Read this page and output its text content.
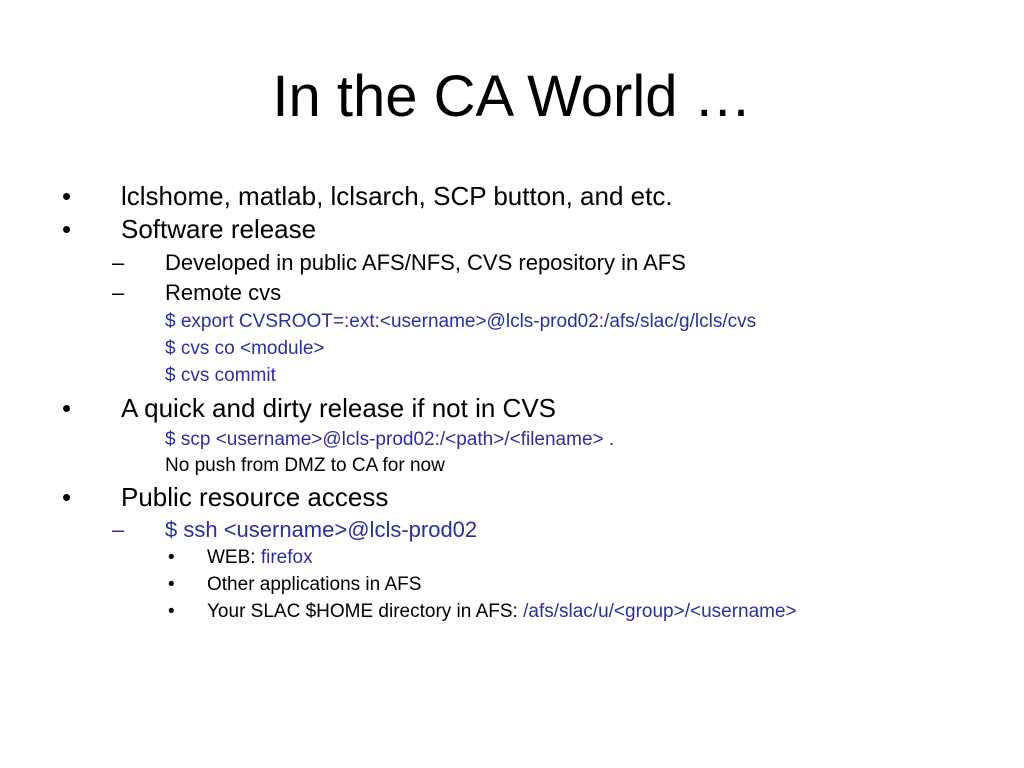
In the CA World …
• lclshome, matlab, lclsarch, SCP button, and etc.
• Software release
– Developed in public AFS/NFS, CVS repository in AFS
– Remote cvs
$ export CVSROOT=:ext:<username>@lcls-prod02:/afs/slac/g/lcls/cvs
$ cvs co <module>
$ cvs commit
• A quick and dirty release if not in CVS
$ scp <username>@lcls-prod02:/<path>/<filename> .
No push from DMZ to CA for now
• Public resource access
– $ ssh <username>@lcls-prod02
• WEB: firefox
• Other applications in AFS
• Your SLAC $HOME directory in AFS: /afs/slac/u/<group>/<username>
